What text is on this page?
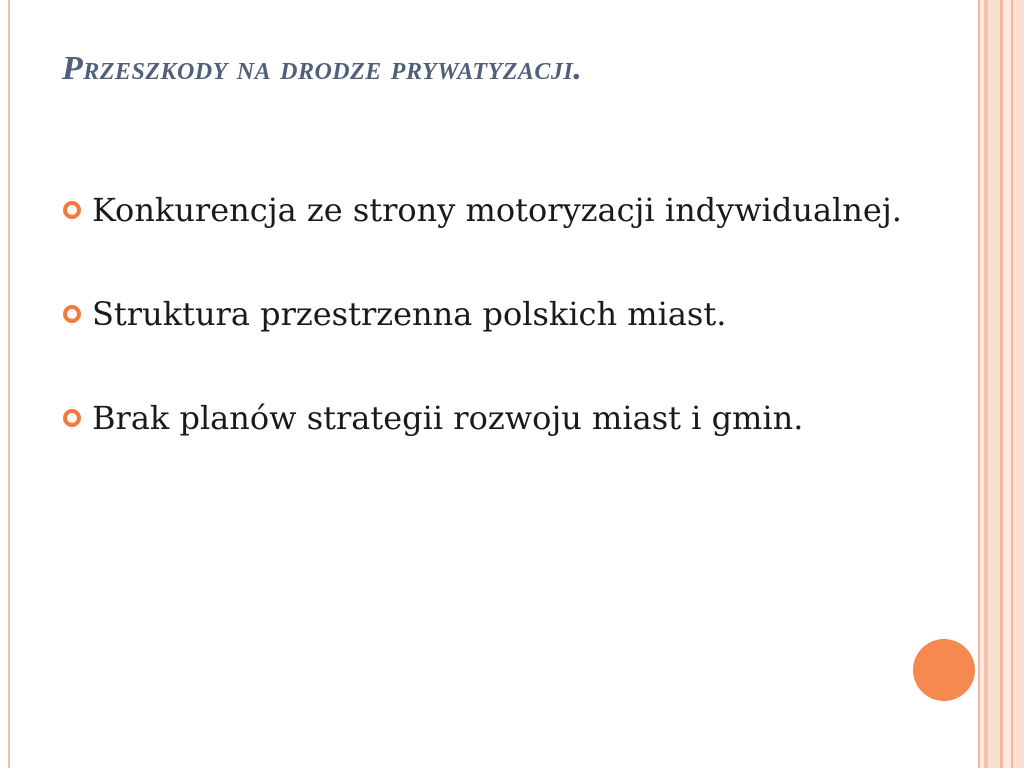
Przeszkody na drodze prywatyzacji.
Konkurencja ze strony motoryzacji indywidualnej.
Struktura przestrzenna polskich miast.
Brak planów strategii rozwoju miast i gmin.
